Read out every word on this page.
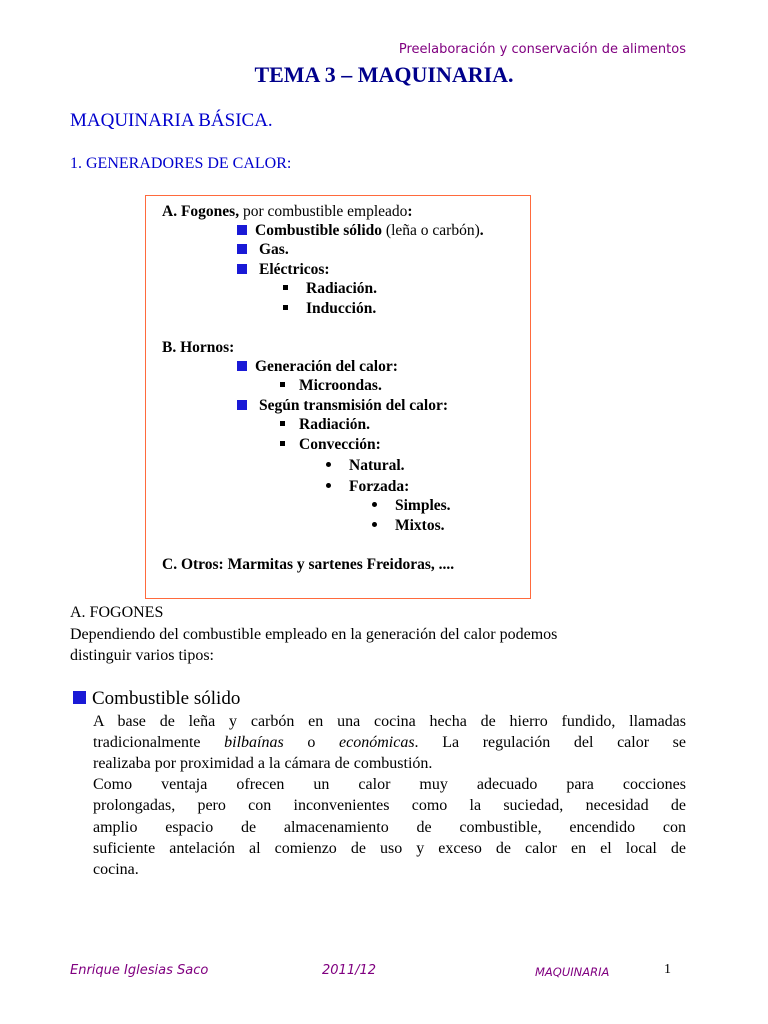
Preelaboración y conservación de alimentos
TEMA 3 – MAQUINARIA.
MAQUINARIA BÁSICA.
1. GENERADORES DE CALOR:
A. Fogones, por combustible empleado:
Combustible sólido (leña o carbón).
Gas.
Eléctricos:
Radiación.
Inducción.
B. Hornos:
Generación del calor:
Microondas.
Según transmisión del calor:
Radiación.
Convección:
Natural.
Forzada:
Simples.
Mixtos.
C. Otros: Marmitas y sartenes Freidoras, ....
A. FOGONES
Dependiendo del combustible empleado en la generación del calor podemos
distinguir varios tipos:
Combustible sólido
A base de leña y carbón en una cocina hecha de hierro fundido, llamadas
tradicionalmente bilbaínas o económicas. La regulación del calor se
realizaba por proximidad a la cámara de combustión.
Como ventaja ofrecen un calor muy adecuado para cocciones
prolongadas, pero con inconvenientes como la suciedad, necesidad de
amplio espacio de almacenamiento de combustible, encendido con
suficiente antelación al comienzo de uso y exceso de calor en el local de
cocina.
Enrique Iglesias Saco	2011/12	MAQUINARIA	1
